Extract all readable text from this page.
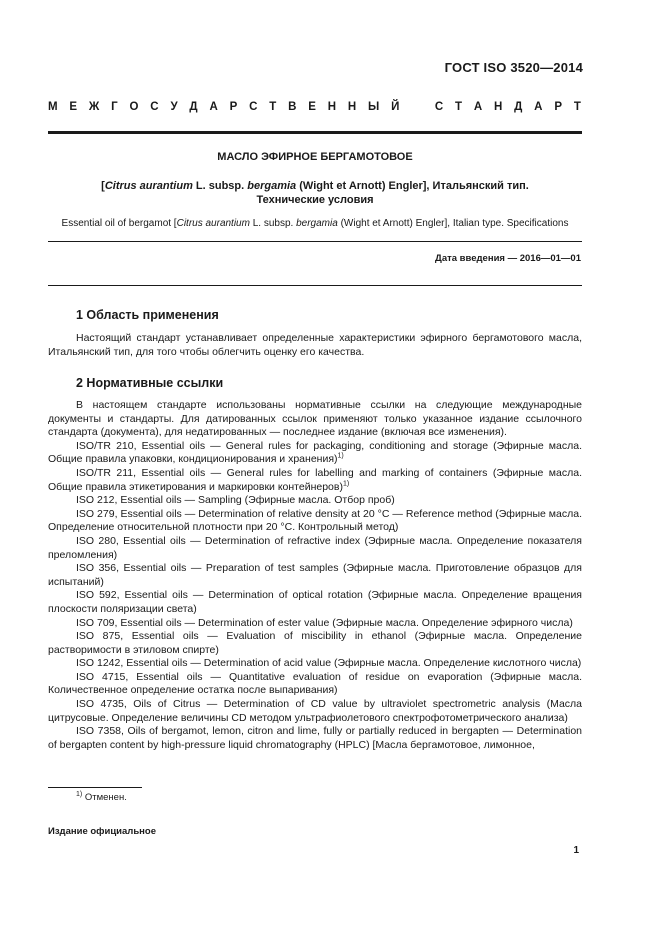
ГОСТ ISO 3520—2014
М Е Ж Г О С У Д А Р С Т В Е Н Н Ы Й	С Т А Н Д А Р Т
МАСЛО ЭФИРНОЕ БЕРГАМОТОВОЕ
[Citrus aurantium L. subsp. bergamia (Wight et Arnott) Engler], Итальянский тип.
Технические условия
Essential oil of bergamot [Citrus aurantium L. subsp. bergamia (Wight et Arnott) Engler], Italian type. Specifications
Дата введения — 2016—01—01
1 Область применения

Настоящий стандарт устанавливает определенные характеристики эфирного бергамотового масла, Итальянский тип, для того чтобы облегчить оценку его качества.

2 Нормативные ссылки

В настоящем стандарте использованы нормативные ссылки на следующие международные документы и стандарты. Для датированных ссылок применяют только указанное издание ссылочного стандарта (документа), для недатированных — последнее издание (включая все изменения).

ISO/TR 210, Essential oils — General rules for packaging, conditioning and storage (Эфирные масла. Общие правила упаковки, кондиционирования и хранения)$^{1)}$

ISO/TR 211, Essential oils — General rules for labelling and marking of containers (Эфирные масла. Общие правила этикетирования и маркировки контейнеров)$^{1)}$

ISO 212, Essential oils — Sampling (Эфирные масла. Отбор проб)

ISO 279, Essential oils — Determination of relative density at 20 °С — Reference method (Эфирные масла. Определение относительной плотности при 20 °С. Контрольный метод)

ISO 280, Essential oils — Determination of refractive index (Эфирные масла. Определение показателя преломления)

ISO 356, Essential oils — Preparation of test samples (Эфирные масла. Приготовление образцов для испытаний)

ISO 592, Essential oils — Determination of optical rotation (Эфирные масла. Определение вращения плоскости поляризации света)

ISO 709, Essential oils — Determination of ester value (Эфирные масла. Определение эфирного числа)

ISO 875, Essential oils — Evaluation of miscibility in ethanol (Эфирные масла. Определение растворимости в этиловом спирте)

ISO 1242, Essential oils — Determination of acid value (Эфирные масла. Определение кислотного числа)

ISO 4715, Essential oils — Quantitative evaluation of residue on evaporation (Эфирные масла. Количественное определение остатка после выпаривания)

ISO 4735, Oils of Citrus — Determination of CD value by ultraviolet spectrometric analysis (Масла цитрусовые. Определение величины CD методом ультрафиолетового спектрофотометрического анализа)

ISO 7358, Oils of bergamot, lemon, citron and lime, fully or partially reduced in bergapten — Determination of bergapten content by high-pressure liquid chromatography (HPLC) [Масла бергамотовое, лимонное,

$^{1)}$ Отменен.
Издание официальное
1
